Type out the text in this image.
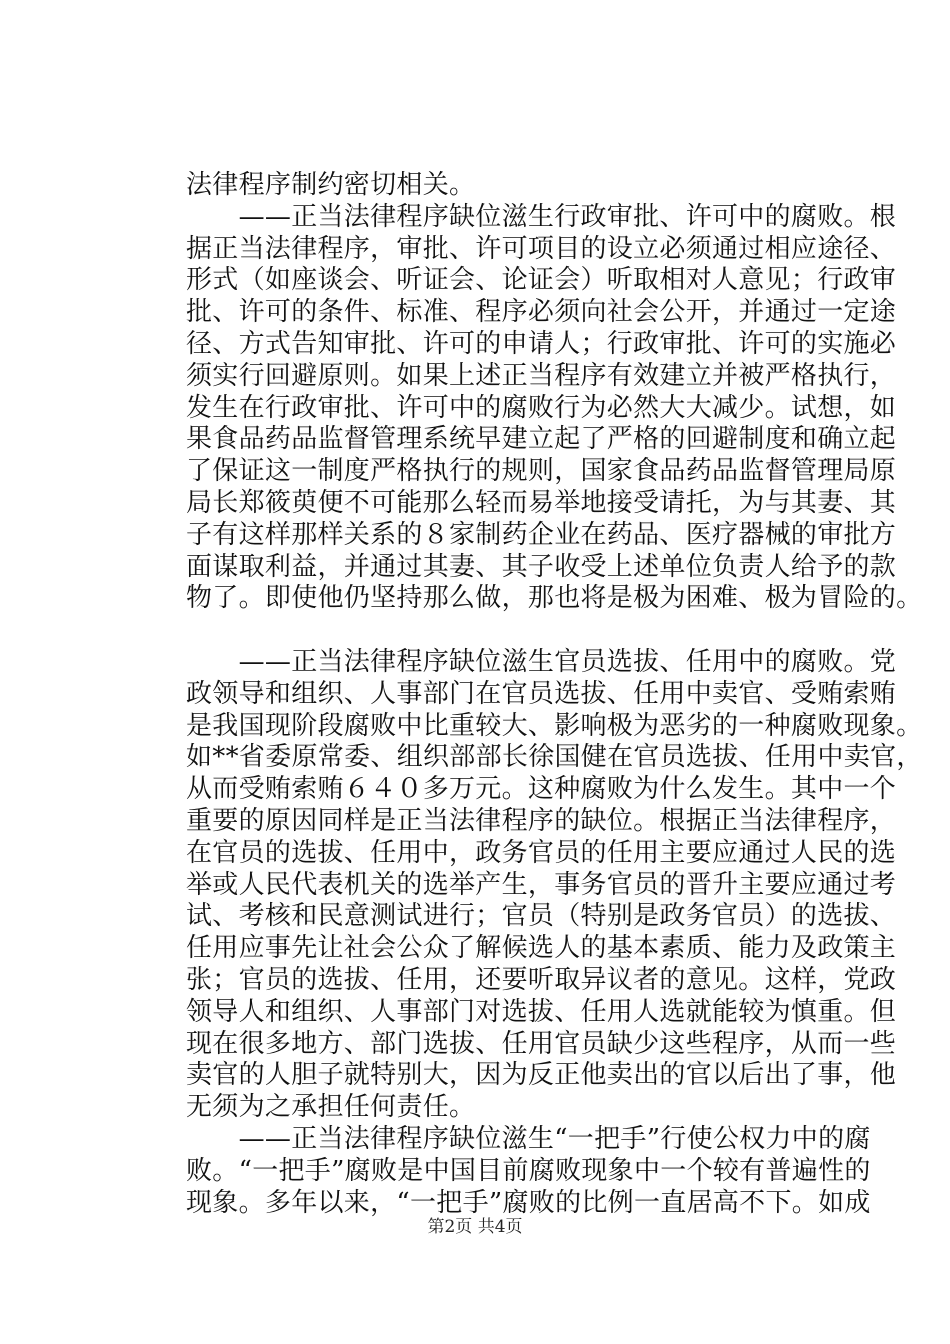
法律程序制约密切相关。
　　——正当法律程序缺位滋生行政审批、许可中的腐败。根
据正当法律程序，审批、许可项目的设立必须通过相应途径、
形式（如座谈会、听证会、论证会）听取相对人意见；行政审
批、许可的条件、标准、程序必须向社会公开，并通过一定途
径、方式告知审批、许可的申请人；行政审批、许可的实施必
须实行回避原则。如果上述正当程序有效建立并被严格执行，
发生在行政审批、许可中的腐败行为必然大大减少。试想，如
果食品药品监督管理系统早建立起了严格的回避制度和确立起
了保证这一制度严格执行的规则，国家食品药品监督管理局原
局长郑筱萸便不可能那么轻而易举地接受请托，为与其妻、其
子有这样那样关系的８家制药企业在药品、医疗器械的审批方
面谋取利益，并通过其妻、其子收受上述单位负责人给予的款
物了。即使他仍坚持那么做，那也将是极为困难、极为冒险的。
　　——正当法律程序缺位滋生官员选拔、任用中的腐败。党
政领导和组织、人事部门在官员选拔、任用中卖官、受贿索贿
是我国现阶段腐败中比重较大、影响极为恶劣的一种腐败现象。
如**省委原常委、组织部部长徐国健在官员选拔、任用中卖官，
从而受贿索贿６４０多万元。这种腐败为什么发生。其中一个
重要的原因同样是正当法律程序的缺位。根据正当法律程序，
在官员的选拔、任用中，政务官员的任用主要应通过人民的选
举或人民代表机关的选举产生，事务官员的晋升主要应通过考
试、考核和民意测试进行；官员（特别是政务官员）的选拔、
任用应事先让社会公众了解候选人的基本素质、能力及政策主
张；官员的选拔、任用，还要听取异议者的意见。这样，党政
领导人和组织、人事部门对选拔、任用人选就能较为慎重。但
现在很多地方、部门选拔、任用官员缺少这些程序，从而一些
卖官的人胆子就特别大，因为反正他卖出的官以后出了事，他
无须为之承担任何责任。
　　——正当法律程序缺位滋生“一把手”行使公权力中的腐
败。“一把手”腐败是中国目前腐败现象中一个较有普遍性的
现象。多年以来，“一把手”腐败的比例一直居高不下。如成
第2页 共4页
